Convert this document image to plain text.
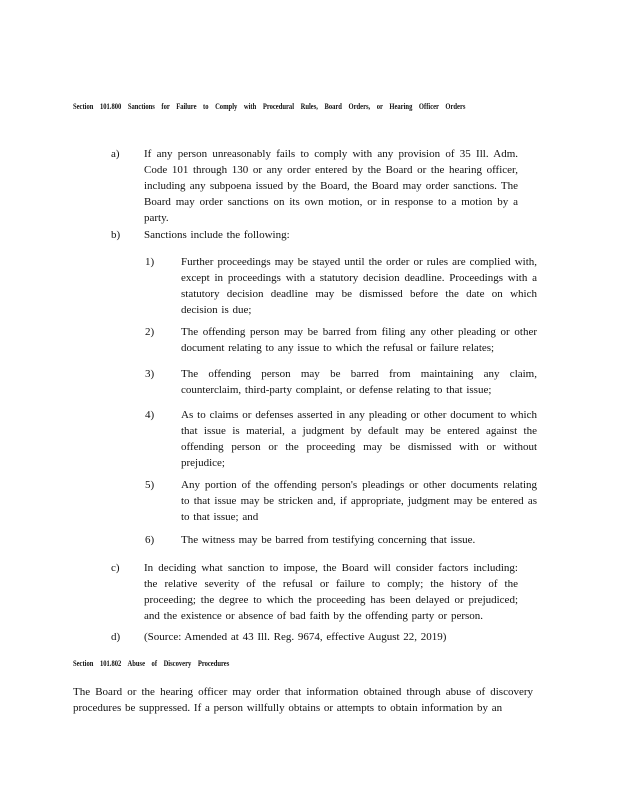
Section 101.800 Sanctions for Failure to Comply with Procedural Rules, Board Orders, or Hearing Officer Orders
a) If any person unreasonably fails to comply with any provision of 35 Ill. Adm. Code 101 through 130 or any order entered by the Board or the hearing officer, including any subpoena issued by the Board, the Board may order sanctions. The Board may order sanctions on its own motion, or in response to a motion by a party.
b) Sanctions include the following:
1) Further proceedings may be stayed until the order or rules are complied with, except in proceedings with a statutory decision deadline. Proceedings with a statutory decision deadline may be dismissed before the date on which decision is due;
2) The offending person may be barred from filing any other pleading or other document relating to any issue to which the refusal or failure relates;
3) The offending person may be barred from maintaining any claim, counterclaim, third-party complaint, or defense relating to that issue;
4) As to claims or defenses asserted in any pleading or other document to which that issue is material, a judgment by default may be entered against the offending person or the proceeding may be dismissed with or without prejudice;
5) Any portion of the offending person's pleadings or other documents relating to that issue may be stricken and, if appropriate, judgment may be entered as to that issue; and
6) The witness may be barred from testifying concerning that issue.
c) In deciding what sanction to impose, the Board will consider factors including: the relative severity of the refusal or failure to comply; the history of the proceeding; the degree to which the proceeding has been delayed or prejudiced; and the existence or absence of bad faith by the offending party or person.
d) (Source: Amended at 43 Ill. Reg. 9674, effective August 22, 2019)
Section 101.802 Abuse of Discovery Procedures
The Board or the hearing officer may order that information obtained through abuse of discovery procedures be suppressed. If a person willfully obtains or attempts to obtain information by an
